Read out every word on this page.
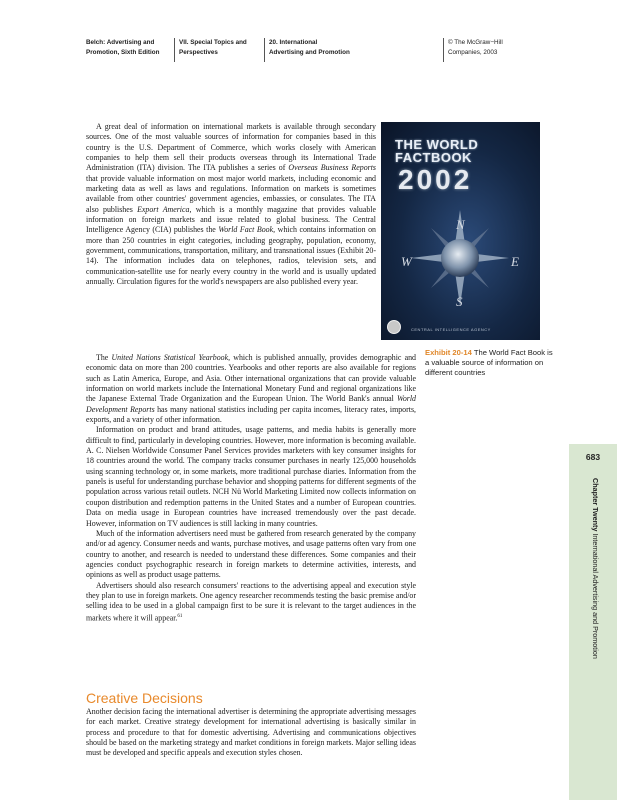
Belch: Advertising and
Promotion, Sixth Edition
VII. Special Topics and
Perspectives
20. International
Advertising and Promotion
© The McGraw−Hill
Companies, 2003

A great deal of information on international markets is available through secondary sources. One of the most valuable sources of information for companies based in this country is the U.S. Department of Commerce, which works closely with American companies to help them sell their products overseas through its International Trade Administration (ITA) division. The ITA publishes a series of Overseas Business Reports that provide valuable information on most major world markets, including economic and marketing data as well as laws and regulations. Information on markets is sometimes available from other countries' government agencies, embassies, or consulates. The ITA also publishes Export America, which is a monthly magazine that provides valuable information on foreign markets and issue related to global business. The Central Intelligence Agency (CIA) publishes the World Fact Book, which contains information on more than 250 countries in eight categories, including geography, population, economy, government, communications, transportation, military, and transnational issues (Exhibit 20-14). The information includes data on telephones, radios, television sets, and communication-satellite use for nearly every country in the world and is usually updated annually. Circulation figures for the world's newspapers are also published every year.

THE WORLD FACTBOOK
2002
N
W	E
S
CENTRAL INTELLIGENCE AGENCY
Exhibit 20-14 The World Fact Book is a valuable source of information on different countries

The United Nations Statistical Yearbook, which is published annually, provides demographic and economic data on more than 200 countries. Yearbooks and other reports are also available for regions such as Latin America, Europe, and Asia. Other international organizations that can provide valuable information on world markets include the International Monetary Fund and regional organizations like the Japanese External Trade Organization and the European Union. The World Bank's annual World Development Reports has many national statistics including per capita incomes, literacy rates, imports, exports, and a variety of other information.

Information on product and brand attitudes, usage patterns, and media habits is generally more difficult to find, particularly in developing countries. However, more information is becoming available. A. C. Nielsen Worldwide Consumer Panel Services provides marketers with key consumer insights for 18 countries around the world. The company tracks consumer purchases in nearly 125,000 households using scanning technology or, in some markets, more traditional purchase diaries. Information from the panels is useful for understanding purchase behavior and shopping patterns for different segments of the population across various retail outlets. NCH Nü World Marketing Limited now collects information on coupon distribution and redemption patterns in the United States and a number of European countries. Data on media usage in European countries have increased tremendously over the past decade. However, information on TV audiences is still lacking in many countries.

Much of the information advertisers need must be gathered from research generated by the company and/or ad agency. Consumer needs and wants, purchase motives, and usage patterns often vary from one country to another, and research is needed to understand these differences. Some companies and their agencies conduct psychographic research in foreign markets to determine activities, interests, and opinions as well as product usage patterns.

Advertisers should also research consumers' reactions to the advertising appeal and execution style they plan to use in foreign markets. One agency researcher recommends testing the basic premise and/or selling idea to be used in a global campaign first to be sure it is relevant to the target audiences in the markets where it will appear.$^{61}$

683
Chapter Twenty International Advertising and Promotion
Creative Decisions

Another decision facing the international advertiser is determining the appropriate advertising messages for each market. Creative strategy development for international advertising is basically similar in process and procedure to that for domestic advertising. Advertising and communications objectives should be based on the marketing strategy and market conditions in foreign markets. Major selling ideas must be developed and specific appeals and execution styles chosen.
